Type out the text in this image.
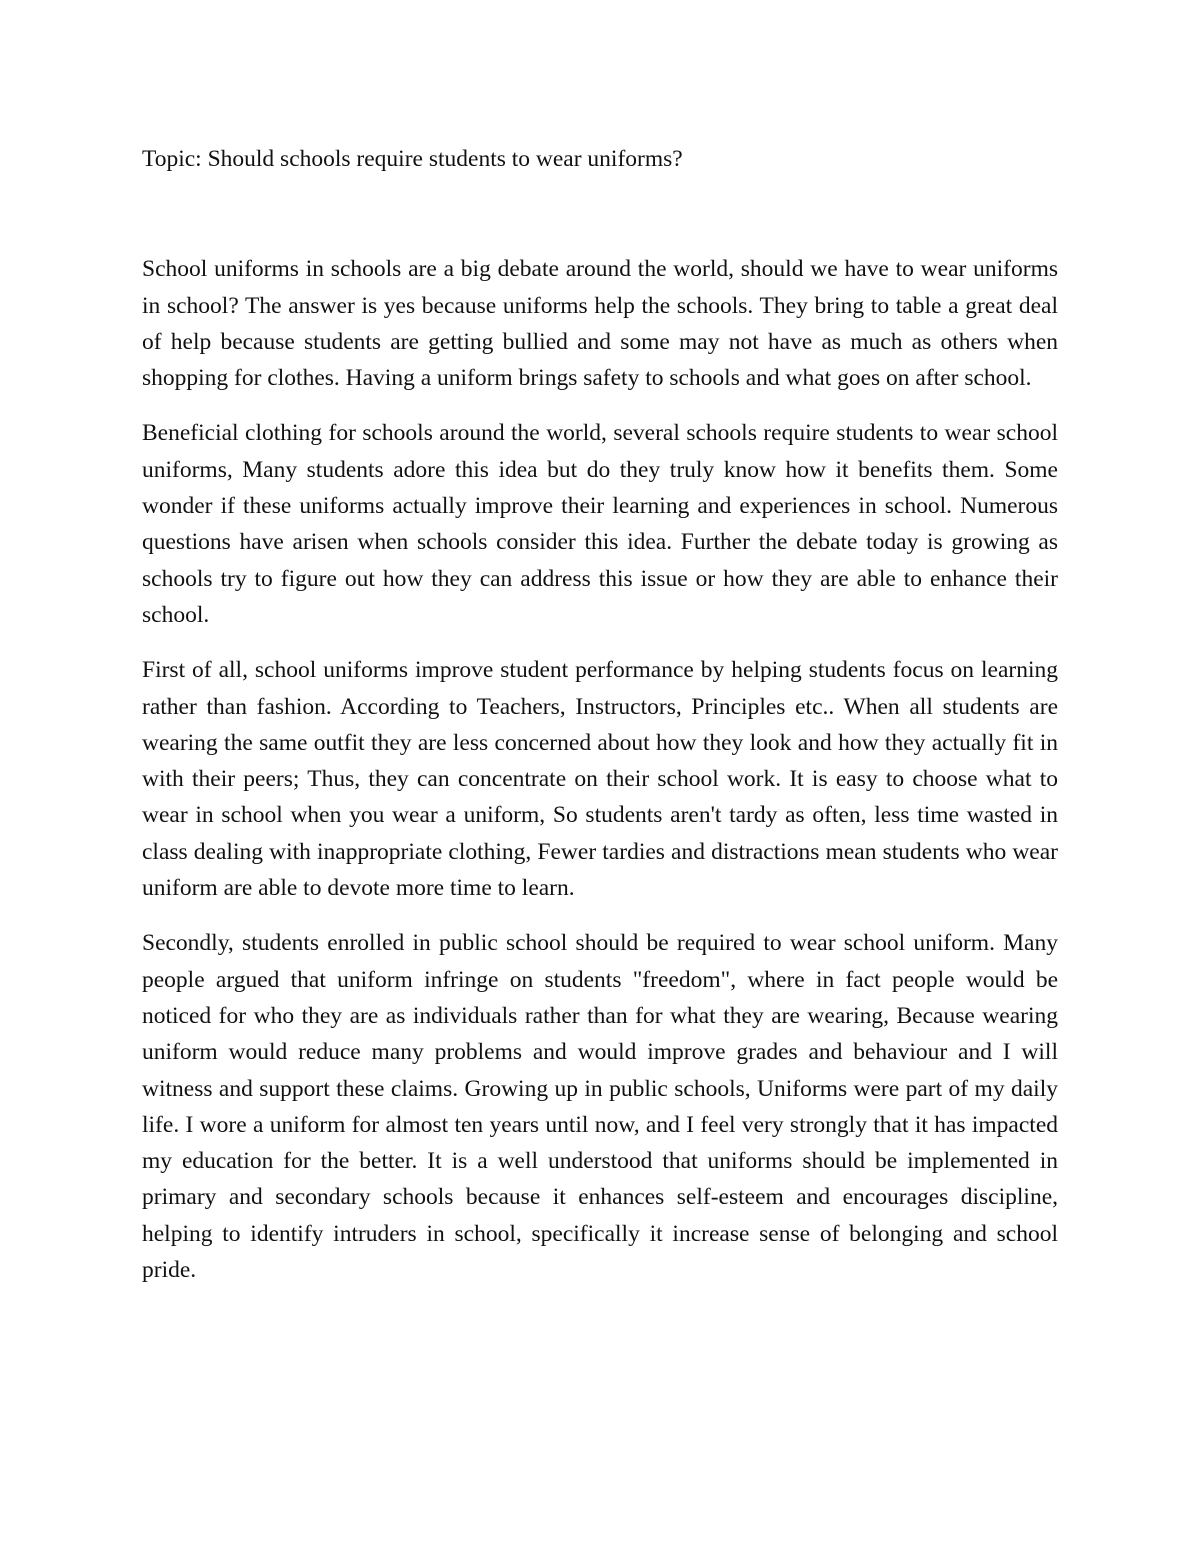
Topic: Should schools require students to wear uniforms?

School uniforms in schools are a big debate around the world, should we have to wear uniforms in school? The answer is yes because uniforms help the schools. They bring to table a great deal of help because students are getting bullied and some may not have as much as others when shopping for clothes. Having a uniform brings safety to schools and what goes on after school.

Beneficial clothing for schools around the world, several schools require students to wear school uniforms, Many students adore this idea but do they truly know how it benefits them. Some wonder if these uniforms actually improve their learning and experiences in school. Numerous questions have arisen when schools consider this idea. Further the debate today is growing as schools try to figure out how they can address this issue or how they are able to enhance their school.

First of all, school uniforms improve student performance by helping students focus on learning rather than fashion. According to Teachers, Instructors, Principles etc.. When all students are wearing the same outfit they are less concerned about how they look and how they actually fit in with their peers; Thus, they can concentrate on their school work. It is easy to choose what to wear in school when you wear a uniform, So students aren't tardy as often, less time wasted in class dealing with inappropriate clothing, Fewer tardies and distractions mean students who wear uniform are able to devote more time to learn.

Secondly, students enrolled in public school should be required to wear school uniform. Many people argued that uniform infringe on students "freedom", where in fact people would be noticed for who they are as individuals rather than for what they are wearing, Because wearing uniform would reduce many problems and would improve grades and behaviour and I will witness and support these claims. Growing up in public schools, Uniforms were part of my daily life. I wore a uniform for almost ten years until now, and I feel very strongly that it has impacted my education for the better. It is a well understood that uniforms should be implemented in primary and secondary schools because it enhances self-esteem and encourages discipline, helping to identify intruders in school, specifically it increase sense of belonging and school pride.
